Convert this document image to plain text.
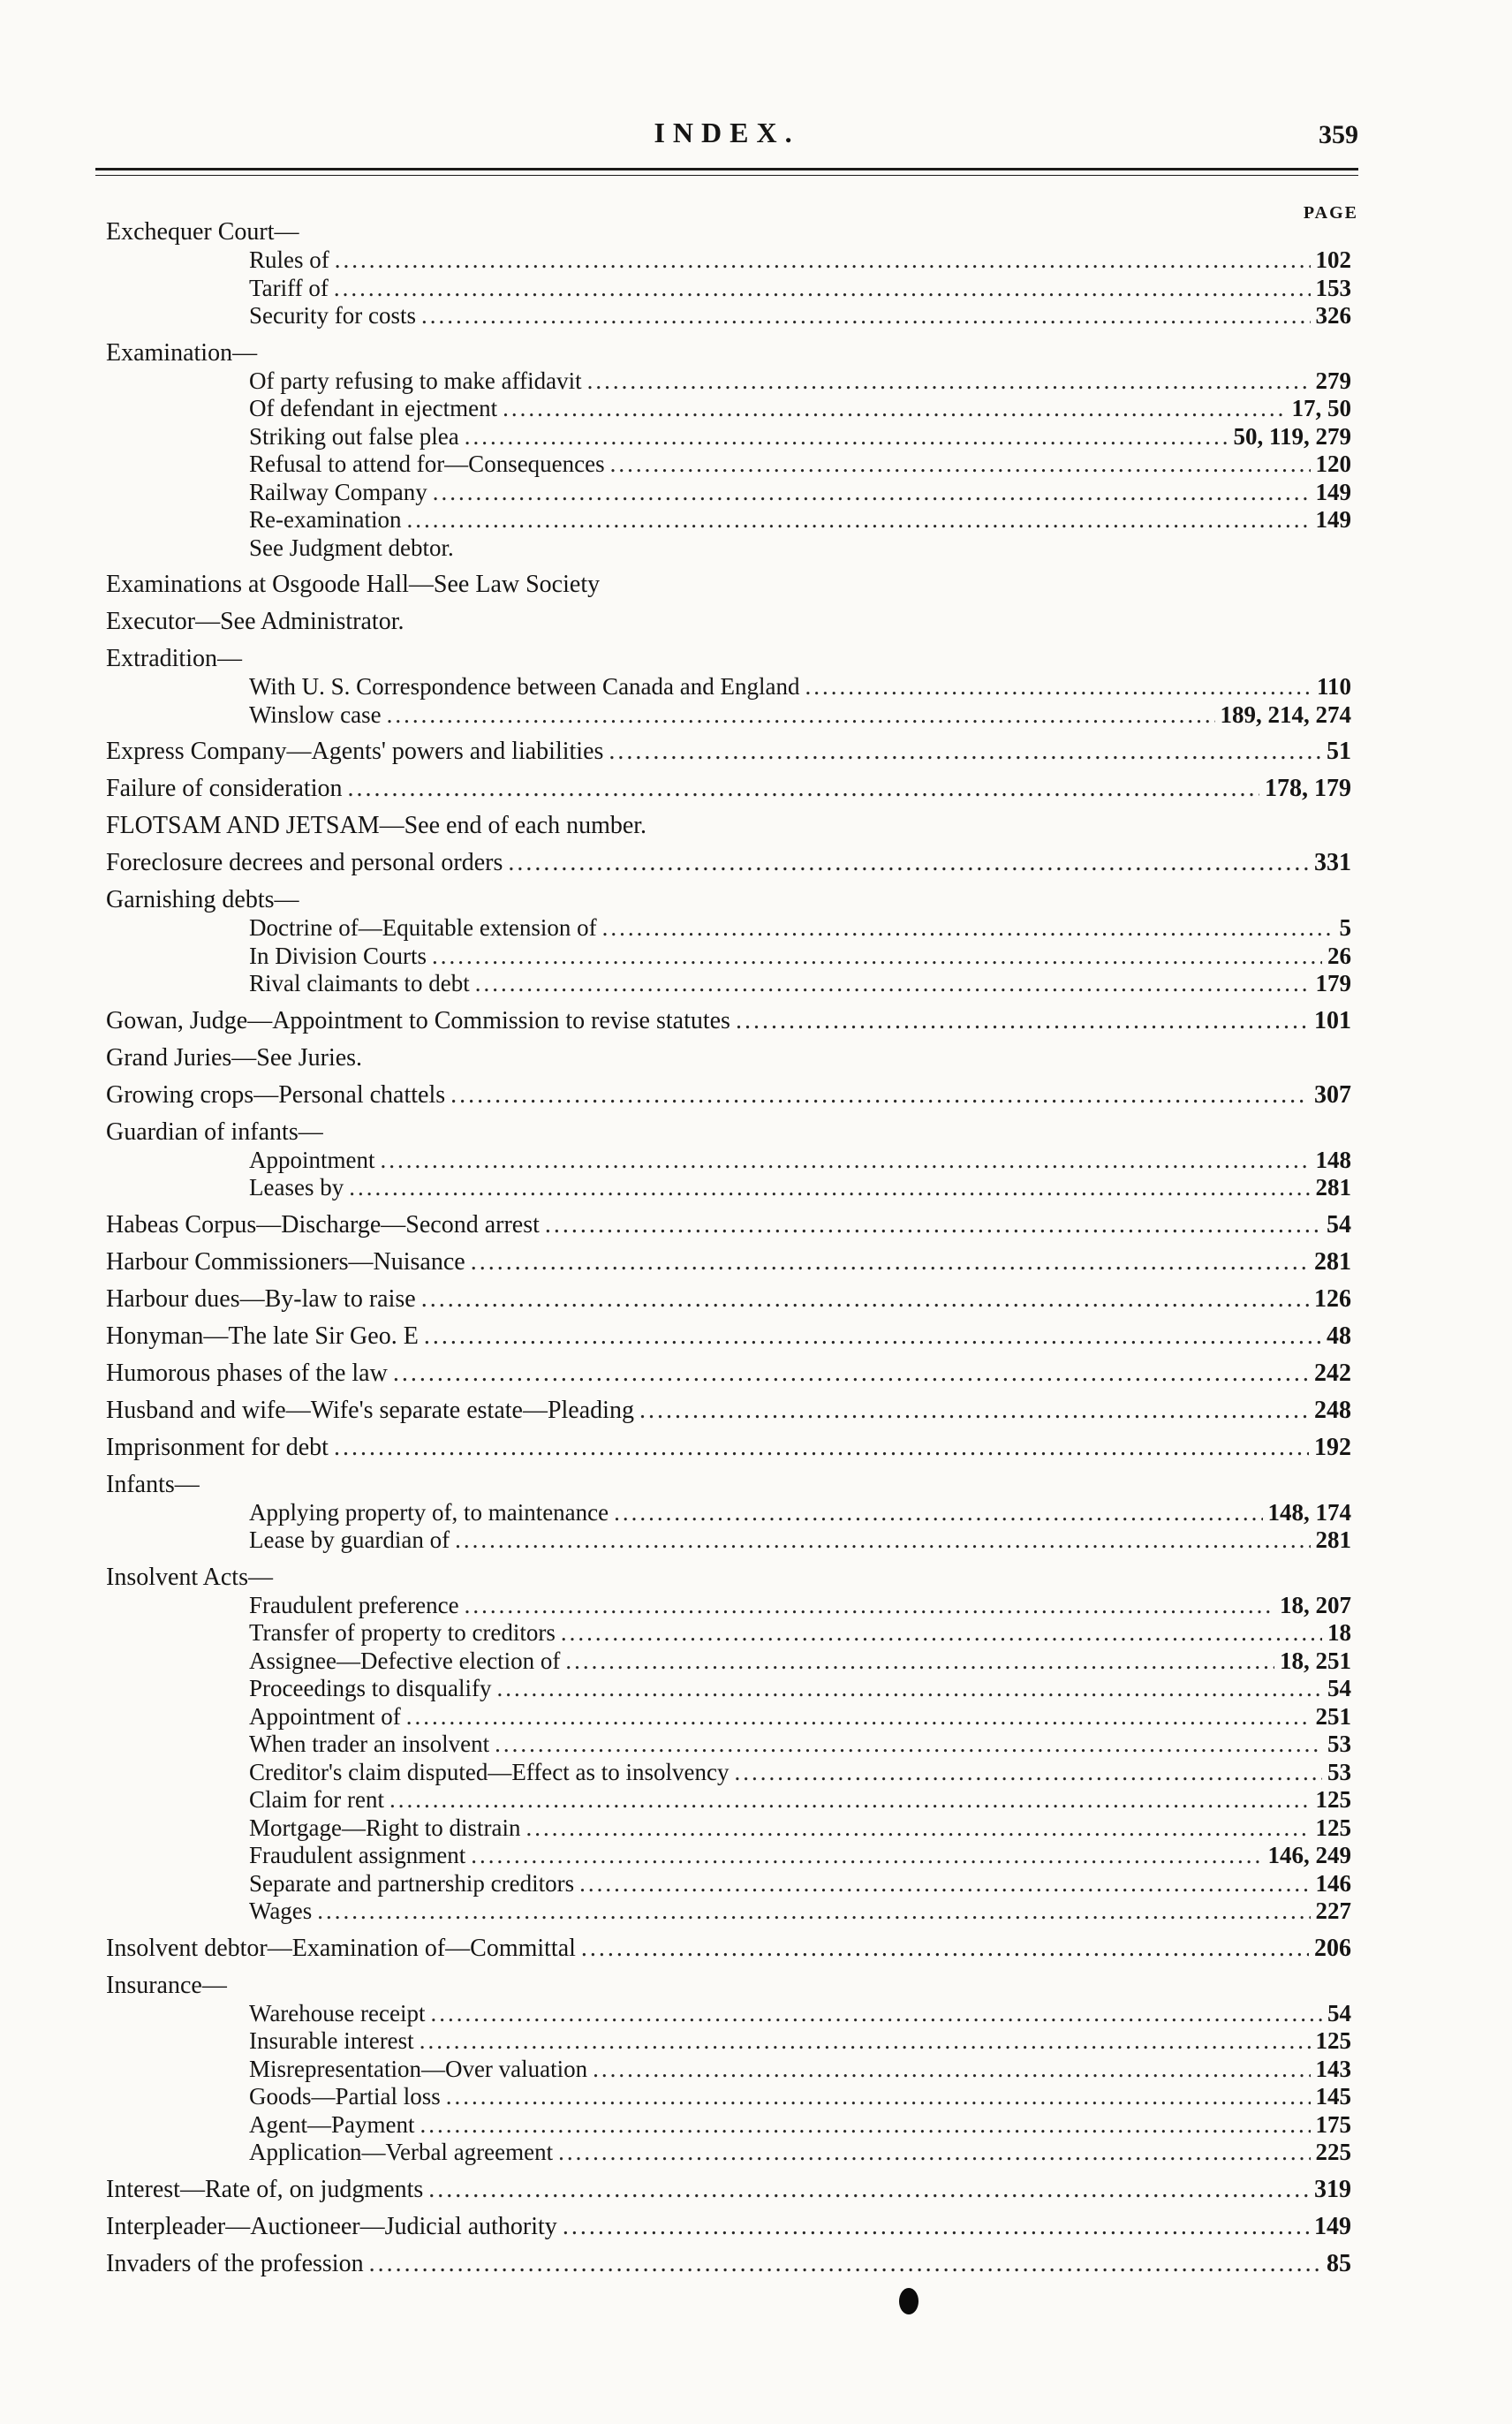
INDEX.	359
PAGE
Exchequer Court—
Rules of .....	102
Tariff of .....	153
Security for costs .....	326
Examination—
Of party refusing to make affidavit .....	279
Of defendant in ejectment .....	17, 50
Striking out false plea .....	50, 119, 279
Refusal to attend for—Consequences .....	120
Railway Company .....	149
Re-examination .....	149
See Judgment debtor.
Examinations at Osgoode Hall—See Law Society
Executor—See Administrator.
Extradition—
With U. S. Correspondence between Canada and England .....	110
Winslow case .....	189, 214, 274
Express Company—Agents' powers and liabilities .....	51
Failure of consideration .....	178, 179
FLOTSAM AND JETSAM—See end of each number.
Foreclosure decrees and personal orders .....	331
Garnishing debts—
Doctrine of—Equitable extension of .....	5
In Division Courts .....	26
Rival claimants to debt .....	179
Gowan, Judge—Appointment to Commission to revise statutes .....	101
Grand Juries—See Juries.
Growing crops—Personal chattels .....	307
Guardian of infants—
Appointment .....	148
Leases by .....	281
Habeas Corpus—Discharge—Second arrest .....	54
Harbour Commissioners—Nuisance .....	281
Harbour dues—By-law to raise .....	126
Honyman—The late Sir Geo. E .....	48
Humorous phases of the law .....	242
Husband and wife—Wife's separate estate—Pleading .....	248
Imprisonment for debt .....	192
Infants—
Applying property of, to maintenance .....	148, 174
Lease by guardian of .....	281
Insolvent Acts—
Fraudulent preference .....	18, 207
Transfer of property to creditors .....	18
Assignee—Defective election of .....	18, 251
Proceedings to disqualify .....	54
Appointment of .....	251
When trader an insolvent .....	53
Creditor's claim disputed—Effect as to insolvency .....	53
Claim for rent .....	125
Mortgage—Right to distrain .....	125
Fraudulent assignment .....	146, 249
Separate and partnership creditors .....	146
Wages .....	227
Insolvent debtor—Examination of—Committal .....	206
Insurance—
Warehouse receipt .....	54
Insurable interest .....	125
Misrepresentation—Over valuation .....	143
Goods—Partial loss .....	145
Agent—Payment .....	175
Application—Verbal agreement .....	225
Interest—Rate of, on judgments .....	319
Interpleader—Auctioneer—Judicial authority .....	149
Invaders of the profession .....	85
